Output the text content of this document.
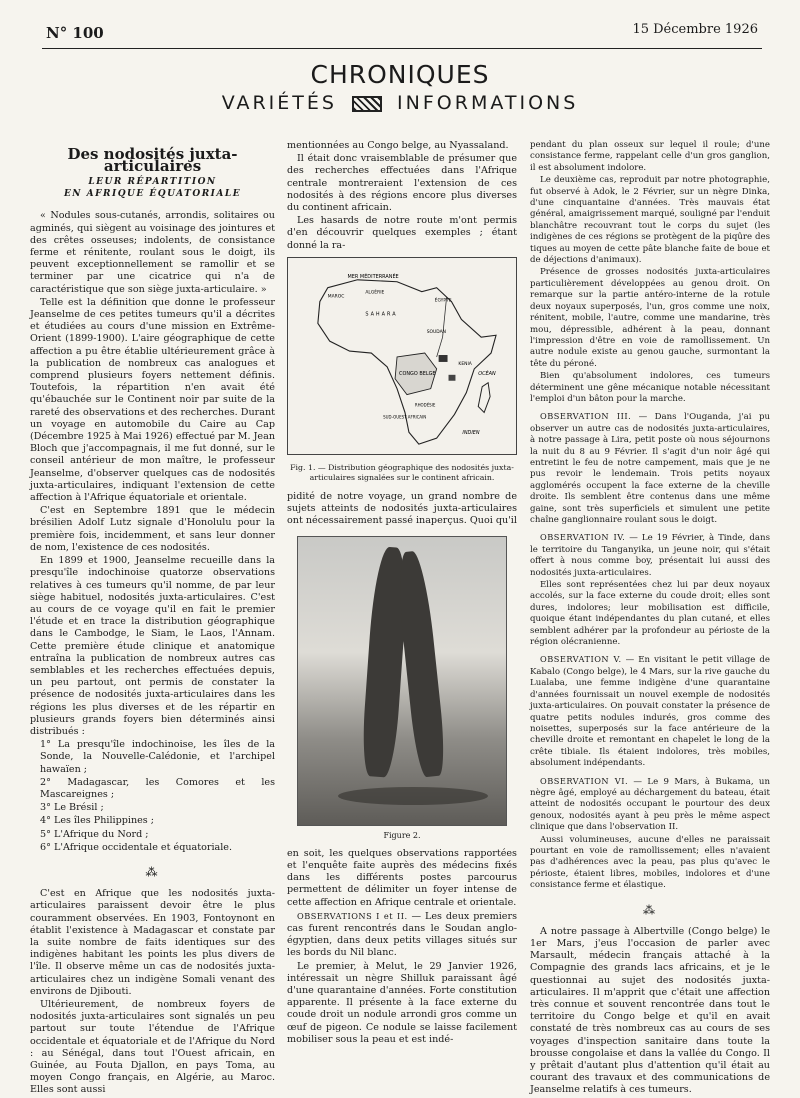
N° 100	15 Décembre 1926
CHRONIQUES
VARIÉTÉS	INFORMATIONS
Des nodosités juxta-articulaires
LEUR RÉPARTITION
EN AFRIQUE ÉQUATORIALE

« Nodules sous-cutanés, arrondis, solitaires ou agminés, qui siègent au voisinage des jointures et des crêtes osseuses; indolents, de consistance ferme et rénitente, roulant sous le doigt, ils peuvent exceptionnellement se ramollir et se terminer par une cicatrice qui n'a de caractéristique que son siège juxta-articulaire. »

Telle est la définition que donne le professeur Jeanselme de ces petites tumeurs qu'il a décrites et étudiées au cours d'une mission en Extrême-Orient (1899-1900). L'aire géographique de cette affection a pu être établie ultérieurement grâce à la publication de nombreux cas analogues et comprend plusieurs foyers nettement définis. Toutefois, la répartition n'en avait été qu'ébauchée sur le Continent noir par suite de la rareté des observations et des recherches. Durant un voyage en automobile du Caire au Cap (Décembre 1925 à Mai 1926) effectué par M. Jean Bloch que j'accompagnais, il me fut donné, sur le conseil antérieur de mon maître, le professeur Jeanselme, d'observer quelques cas de nodosités juxta-articulaires, indiquant l'extension de cette affection à l'Afrique équatoriale et orientale.

C'est en Septembre 1891 que le médecin brésilien Adolf Lutz signale d'Honolulu pour la première fois, incidemment, et sans leur donner de nom, l'existence de ces nodosités.

En 1899 et 1900, Jeanselme recueille dans la presqu'île indochinoise quatorze observations relatives à ces tumeurs qu'il nomme, de par leur siège habituel, nodosités juxta-articulaires. C'est au cours de ce voyage qu'il en fait le premier l'étude et en trace la distribution géographique dans le Cambodge, le Siam, le Laos, l'Annam. Cette première étude clinique et anatomique entraîna la publication de nombreux autres cas semblables et les recherches effectuées depuis, un peu partout, ont permis de constater la présence de nodosités juxta-articulaires dans les régions les plus diverses et de les répartir en plusieurs grands foyers bien déterminés ainsi distribués :

1° La presqu'île indochinoise, les îles de la Sonde, la Nouvelle-Calédonie, et l'archipel hawaïen ;

2° Madagascar, les Comores et les Mascareignes ;

3° Le Brésil ;

4° Les îles Philippines ;

5° L'Afrique du Nord ;

6° L'Afrique occidentale et équatoriale.

⁂

C'est en Afrique que les nodosités juxta-articulaires paraissent devoir être le plus couramment observées. En 1903, Fontoynont en établit l'existence à Madagascar et constate par la suite nombre de faits identiques sur des indigènes habitant les points les plus divers de l'île. Il observe même un cas de nodosités juxta-articulaires chez un indigène Somali venant des environs de Djibouti.

Ultérieurement, de nombreux foyers de nodosités juxta-articulaires sont signalés un peu partout sur toute l'étendue de l'Afrique occidentale et équatoriale et de l'Afrique du Nord : au Sénégal, dans tout l'Ouest africain, en Guinée, au Fouta Djallon, en pays Toma, au moyen Congo français, en Algérie, au Maroc. Elles sont aussi

mentionnées au Congo belge, au Nyassaland.

Il était donc vraisemblable de présumer que des recherches effectuées dans l'Afrique centrale montreraient l'extension de ces nodosités à des régions encore plus diverses du continent africain.

Les hasards de notre route m'ont permis d'en découvrir quelques exemples ; étant donné la ra-

MER MÉDITERRANÉE
MAROC
ALGÉRIE
SAHARA
ÉGYPTE
SOUDAN
CONGO BELGE
KENIA
OCÉAN
RHODÉSIE
SUD-OUEST AFRICAIN
INDIEN
Fig. 1. — Distribution géographique des nodosités juxta-articulaires signalées sur le continent africain.

pidité de notre voyage, un grand nombre de sujets atteints de nodosités juxta-articulaires ont nécessairement passé inaperçus. Quoi qu'il

Figure 2.

en soit, les quelques observations rapportées et l'enquête faite auprès des médecins fixés dans les différents postes parcourus permettent de délimiter un foyer intense de cette affection en Afrique centrale et orientale.

OBSERVATIONS I et II. — Les deux premiers cas furent rencontrés dans le Soudan anglo-égyptien, dans deux petits villages situés sur les bords du Nil blanc.

Le premier, à Melut, le 29 Janvier 1926, intéressait un nègre Shilluk paraissant âgé d'une quarantaine d'années. Forte constitution apparente. Il présente à la face externe du coude droit un nodule arrondi gros comme un œuf de pigeon. Ce nodule se laisse facilement mobiliser sous la peau et est indé-

pendant du plan osseux sur lequel il roule; d'une consistance ferme, rappelant celle d'un gros ganglion, il est absolument indolore.

Le deuxième cas, reproduit par notre photographie, fut observé à Adok, le 2 Février, sur un nègre Dinka, d'une cinquantaine d'années. Très mauvais état général, amaigrissement marqué, souligné par l'enduit blanchâtre recouvrant tout le corps du sujet (les indigènes de ces régions se protègent de la piqûre des tiques au moyen de cette pâte blanche faite de boue et de déjections d'animaux).

Présence de grosses nodosités juxta-articulaires particulièrement développées au genou droit. On remarque sur la partie antéro-interne de la rotule deux noyaux superposés, l'un, gros comme une noix, rénitent, mobile, l'autre, comme une mandarine, très mou, dépressible, adhérent à la peau, donnant l'impression d'être en voie de ramollissement. Un autre nodule existe au genou gauche, surmontant la tête du péroné.

Bien qu'absolument indolores, ces tumeurs déterminent une gêne mécanique notable nécessitant l'emploi d'un bâton pour la marche.

OBSERVATION III. — Dans l'Ouganda, j'ai pu observer un autre cas de nodosités juxta-articulaires, à notre passage à Lira, petit poste où nous séjournons la nuit du 8 au 9 Février. Il s'agit d'un noir âgé qui entretint le feu de notre campement, mais que je ne pus revoir le lendemain. Trois petits noyaux agglomérés occupent la face externe de la cheville droite. Ils semblent être contenus dans une même gaine, sont très superficiels et simulent une petite chaîne ganglionnaire roulant sous le doigt.

OBSERVATION IV. — Le 19 Février, à Tinde, dans le territoire du Tanganyika, un jeune noir, qui s'était offert à nous comme boy, présentait lui aussi des nodosités juxta-articulaires.

Elles sont représentées chez lui par deux noyaux accolés, sur la face externe du coude droit; elles sont dures, indolores; leur mobilisation est difficile, quoique étant indépendantes du plan cutané, et elles semblent adhérer par la profondeur au périoste de la région olécranienne.

OBSERVATION V. — En visitant le petit village de Kabalo (Congo belge), le 4 Mars, sur la rive gauche du Lualaba, une femme indigène d'une quarantaine d'années fournissait un nouvel exemple de nodosités juxta-articulaires. On pouvait constater la présence de quatre petits nodules indurés, gros comme des noisettes, superposés sur la face antérieure de la cheville droite et remontant en chapelet le long de la crête tibiale. Ils étaient indolores, très mobiles, absolument indépendants.

OBSERVATION VI. — Le 9 Mars, à Bukama, un nègre âgé, employé au déchargement du bateau, était atteint de nodosités occupant le pourtour des deux genoux, nodosités ayant à peu près le même aspect clinique que dans l'observation II.

Aussi volumineuses, aucune d'elles ne paraissait pourtant en voie de ramollissement; elles n'avaient pas d'adhérences avec la peau, pas plus qu'avec le périoste, étaient libres, mobiles, indolores et d'une consistance ferme et élastique.

⁂

A notre passage à Albertville (Congo belge) le 1er Mars, j'eus l'occasion de parler avec Marsault, médecin français attaché à la Compagnie des grands lacs africains, et je le questionnai au sujet des nodosités juxta-articulaires. Il m'apprit que c'était une affection très connue et souvent rencontrée dans tout le territoire du Congo belge et qu'il en avait constaté de très nombreux cas au cours de ses voyages d'inspection sanitaire dans toute la brousse congolaise et dans la vallée du Congo. Il y prêtait d'autant plus d'attention qu'il était au courant des travaux et des communications de Jeanselme relatifs à ces tumeurs.
